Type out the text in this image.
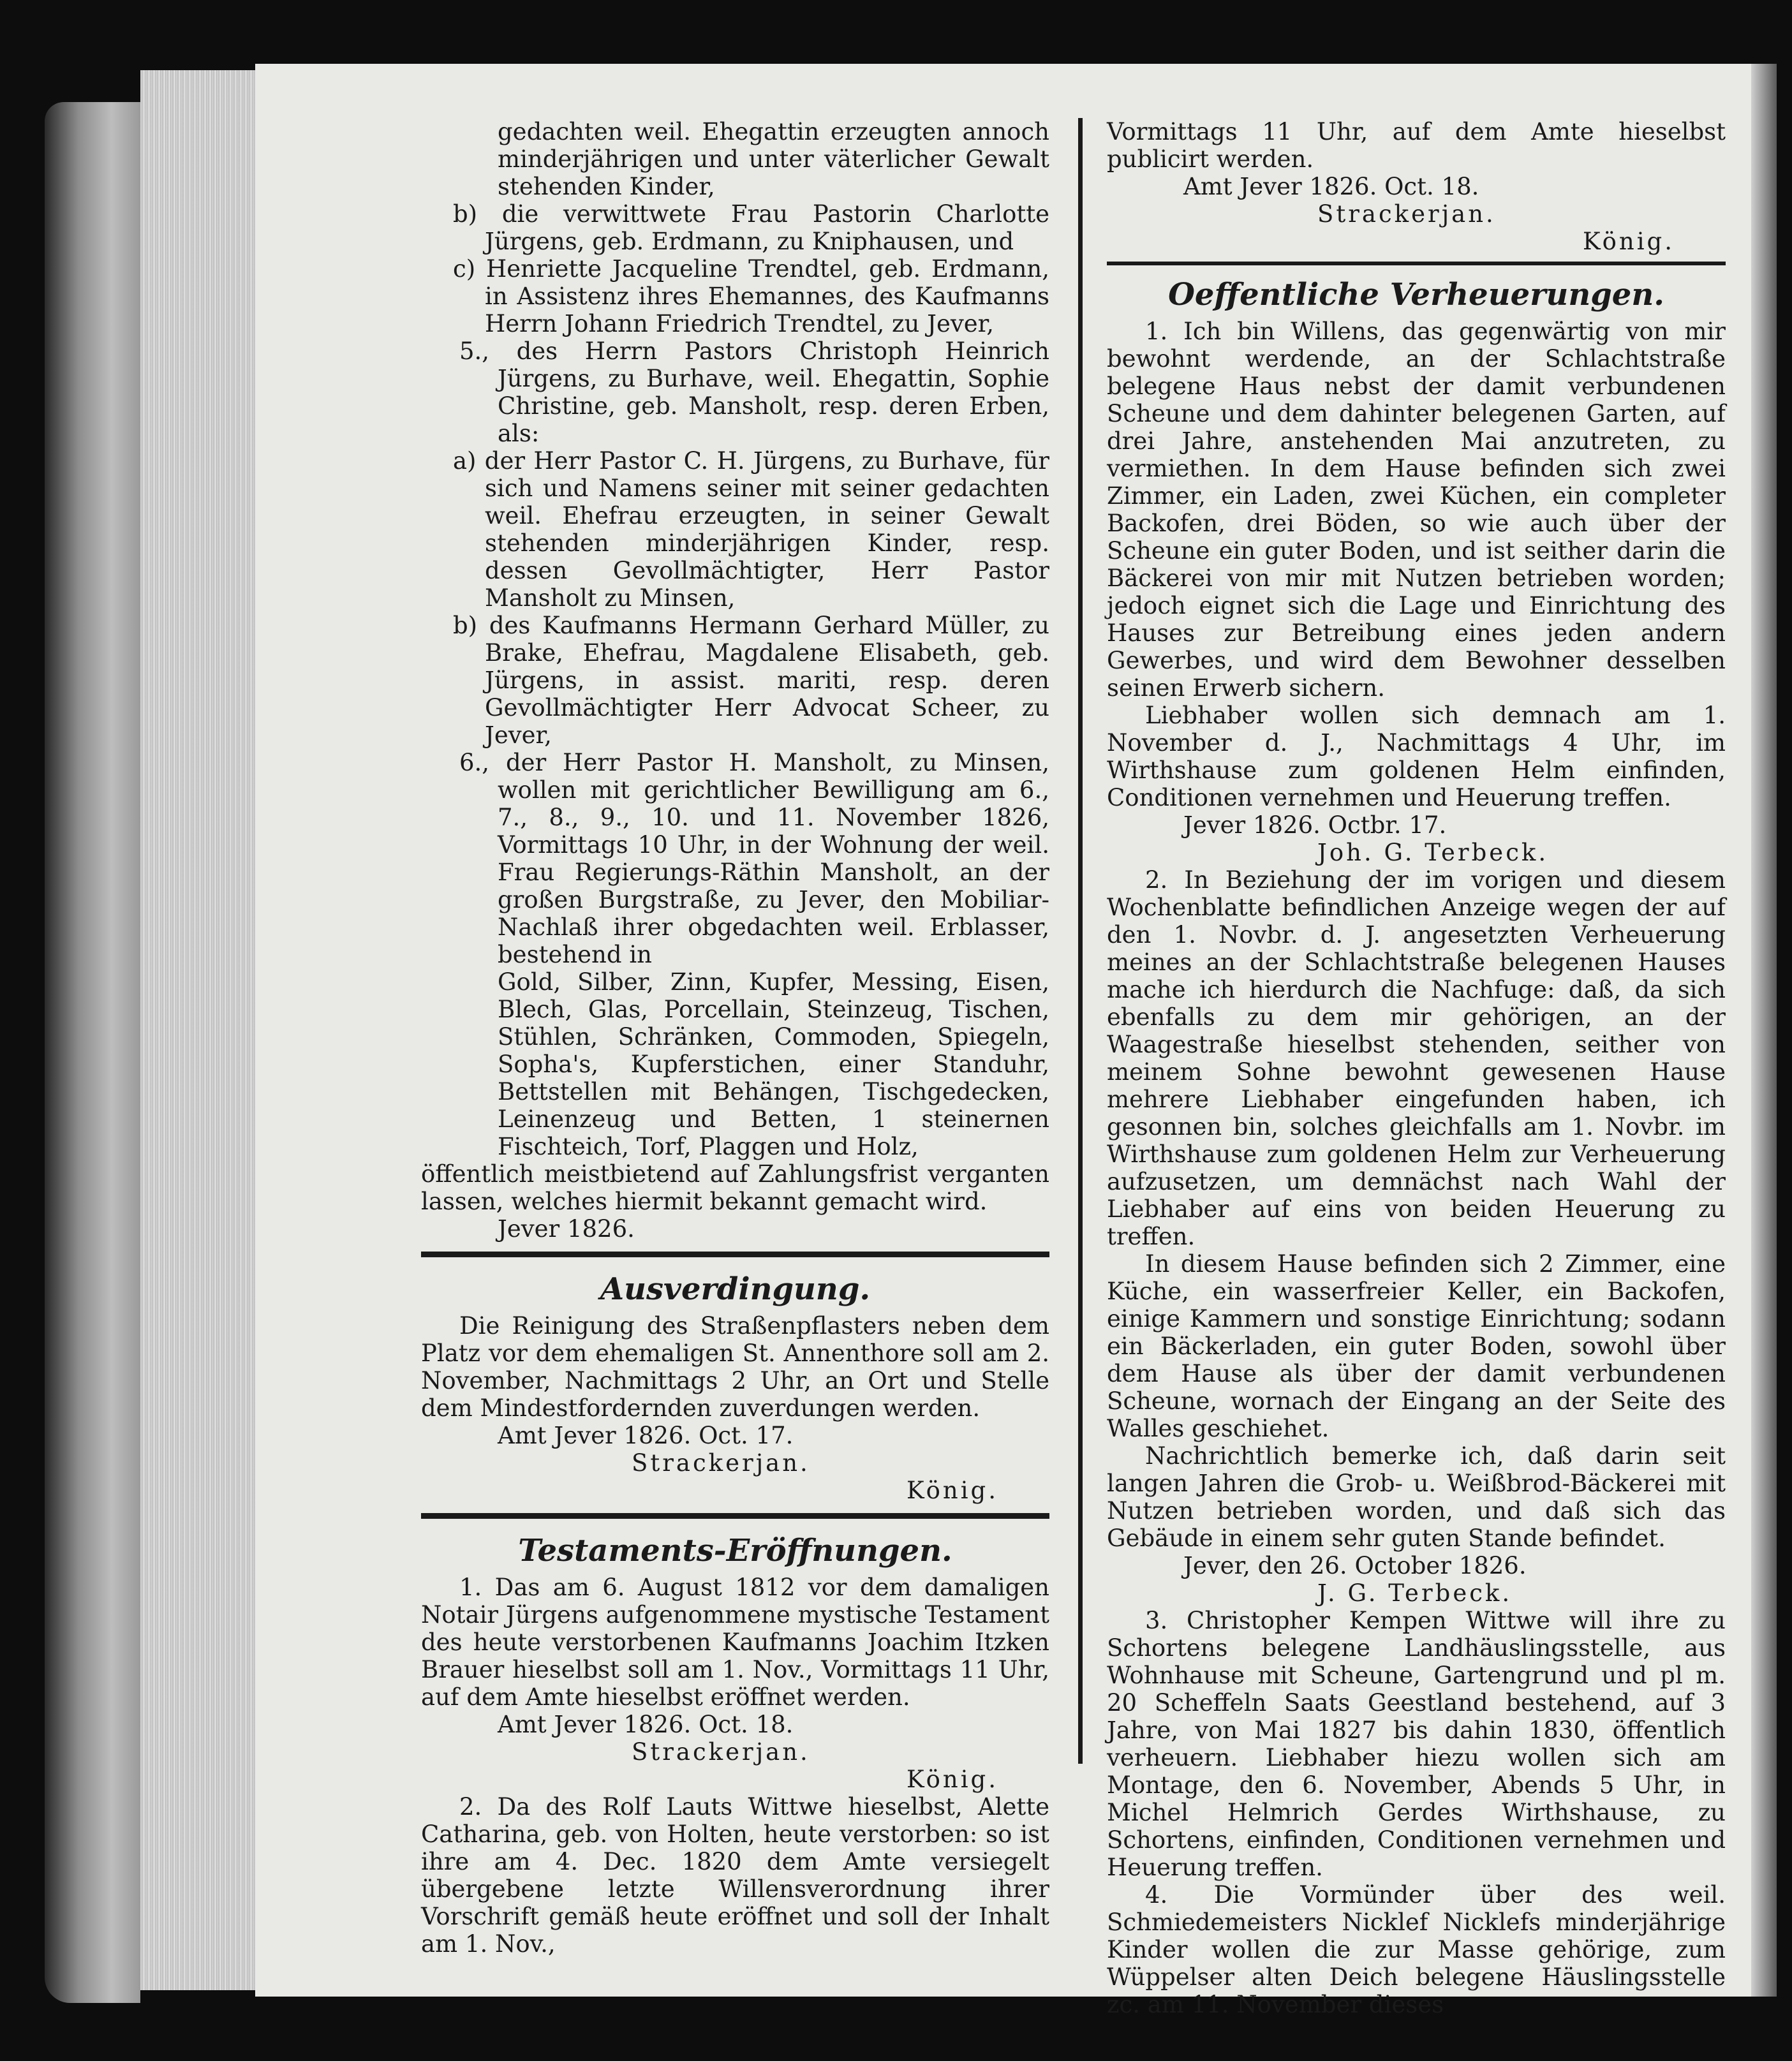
gedachten weil. Ehegattin erzeugten annoch minderjährigen und unter väterlicher Gewalt stehenden Kinder,

b) die verwittwete Frau Pastorin Charlotte Jürgens, geb. Erdmann, zu Kniphausen, und

c) Henriette Jacqueline Trendtel, geb. Erdmann, in Assistenz ihres Ehemannes, des Kaufmanns Herrn Johann Friedrich Trendtel, zu Jever,

5., des Herrn Pastors Christoph Heinrich Jürgens, zu Burhave, weil. Ehegattin, Sophie Christine, geb. Mansholt, resp. deren Erben, als:

a) der Herr Pastor C. H. Jürgens, zu Burhave, für sich und Namens seiner mit seiner gedachten weil. Ehefrau erzeugten, in seiner Gewalt stehenden minderjährigen Kinder, resp. dessen Gevollmächtigter, Herr Pastor Mansholt zu Minsen,

b) des Kaufmanns Hermann Gerhard Müller, zu Brake, Ehefrau, Magdalene Elisabeth, geb. Jürgens, in assist. mariti, resp. deren Gevollmächtigter Herr Advocat Scheer, zu Jever,

6., der Herr Pastor H. Mansholt, zu Minsen, wollen mit gerichtlicher Bewilligung am 6., 7., 8., 9., 10. und 11. November 1826, Vormittags 10 Uhr, in der Wohnung der weil. Frau Regierungs-Räthin Mansholt, an der großen Burgstraße, zu Jever, den Mobiliar-Nachlaß ihrer obgedachten weil. Erblasser, bestehend in

Gold, Silber, Zinn, Kupfer, Messing, Eisen, Blech, Glas, Porcellain, Steinzeug, Tischen, Stühlen, Schränken, Commoden, Spiegeln, Sopha's, Kupferstichen, einer Standuhr, Bettstellen mit Behängen, Tischgedecken, Leinenzeug und Betten, 1 steinernen Fischteich, Torf, Plaggen und Holz,

öffentlich meistbietend auf Zahlungsfrist verganten lassen, welches hiermit bekannt gemacht wird.

Jever 1826.

Ausverdingung.

Die Reinigung des Straßenpflasters neben dem Platz vor dem ehemaligen St. Annenthore soll am 2. November, Nachmittags 2 Uhr, an Ort und Stelle dem Mindestfordernden zuverdungen werden.

Amt Jever 1826. Oct. 17.

Strackerjan.

König.

Testaments-Eröffnungen.

1. Das am 6. August 1812 vor dem damaligen Notair Jürgens aufgenommene mystische Testament des heute verstorbenen Kaufmanns Joachim Itzken Brauer hieselbst soll am 1. Nov., Vormittags 11 Uhr, auf dem Amte hieselbst eröffnet werden.

Amt Jever 1826. Oct. 18.

Strackerjan.

König.

2. Da des Rolf Lauts Wittwe hieselbst, Alette Catharina, geb. von Holten, heute verstorben: so ist ihre am 4. Dec. 1820 dem Amte versiegelt übergebene letzte Willensverordnung ihrer Vorschrift gemäß heute eröffnet und soll der Inhalt am 1. Nov.,

Vormittags 11 Uhr, auf dem Amte hieselbst publicirt werden.

Amt Jever 1826. Oct. 18.

Strackerjan.

König.

Oeffentliche Verheuerungen.

1. Ich bin Willens, das gegenwärtig von mir bewohnt werdende, an der Schlachtstraße belegene Haus nebst der damit verbundenen Scheune und dem dahinter belegenen Garten, auf drei Jahre, anstehenden Mai anzutreten, zu vermiethen. In dem Hause befinden sich zwei Zimmer, ein Laden, zwei Küchen, ein completer Backofen, drei Böden, so wie auch über der Scheune ein guter Boden, und ist seither darin die Bäckerei von mir mit Nutzen betrieben worden; jedoch eignet sich die Lage und Einrichtung des Hauses zur Betreibung eines jeden andern Gewerbes, und wird dem Bewohner desselben seinen Erwerb sichern.

Liebhaber wollen sich demnach am 1. November d. J., Nachmittags 4 Uhr, im Wirthshause zum goldenen Helm einfinden, Conditionen vernehmen und Heuerung treffen.

Jever 1826. Octbr. 17.

Joh. G. Terbeck.

2. In Beziehung der im vorigen und diesem Wochenblatte befindlichen Anzeige wegen der auf den 1. Novbr. d. J. angesetzten Verheuerung meines an der Schlachtstraße belegenen Hauses mache ich hierdurch die Nachfuge: daß, da sich ebenfalls zu dem mir gehörigen, an der Waagestraße hieselbst stehenden, seither von meinem Sohne bewohnt gewesenen Hause mehrere Liebhaber eingefunden haben, ich gesonnen bin, solches gleichfalls am 1. Novbr. im Wirthshause zum goldenen Helm zur Verheuerung aufzusetzen, um demnächst nach Wahl der Liebhaber auf eins von beiden Heuerung zu treffen.

In diesem Hause befinden sich 2 Zimmer, eine Küche, ein wasserfreier Keller, ein Backofen, einige Kammern und sonstige Einrichtung; sodann ein Bäckerladen, ein guter Boden, sowohl über dem Hause als über der damit verbundenen Scheune, wornach der Eingang an der Seite des Walles geschiehet.

Nachrichtlich bemerke ich, daß darin seit langen Jahren die Grob- u. Weißbrod-Bäckerei mit Nutzen betrieben worden, und daß sich das Gebäude in einem sehr guten Stande befindet.

Jever, den 26. October 1826.

J. G. Terbeck.

3. Christopher Kempen Wittwe will ihre zu Schortens belegene Landhäuslingsstelle, aus Wohnhause mit Scheune, Gartengrund und pl m. 20 Scheffeln Saats Geestland bestehend, auf 3 Jahre, von Mai 1827 bis dahin 1830, öffentlich verheuern. Liebhaber hiezu wollen sich am Montage, den 6. November, Abends 5 Uhr, in Michel Helmrich Gerdes Wirthshause, zu Schortens, einfinden, Conditionen vernehmen und Heuerung treffen.

4. Die Vormünder über des weil. Schmiedemeisters Nicklef Nicklefs minderjährige Kinder wollen die zur Masse gehörige, zum Wüppelser alten Deich belegene Häuslingsstelle zc. am 11. November dieses
